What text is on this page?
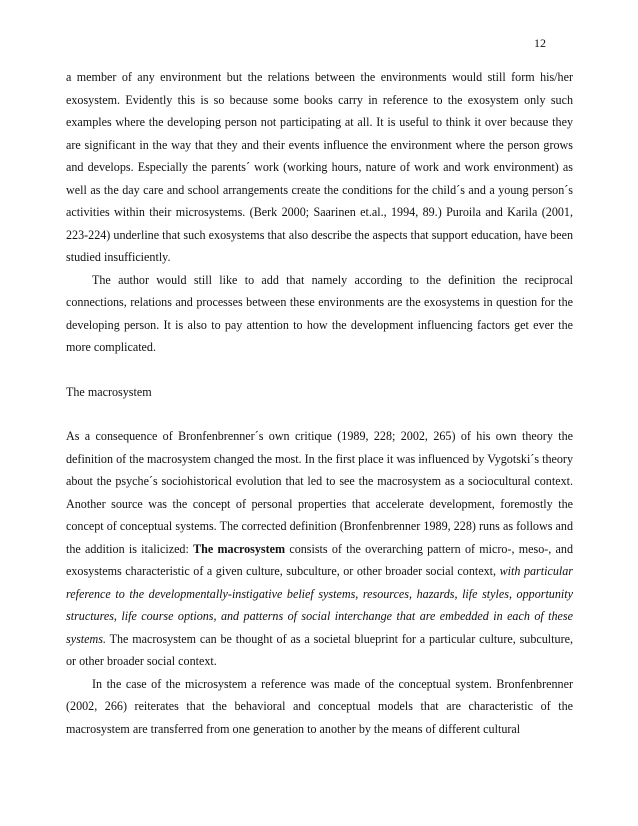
12

a member of any environment but the relations between the environments would still form his/her exosystem. Evidently this is so because some books carry in reference to the exosystem only such examples where the developing person not participating at all. It is useful to think it over because they are significant in the way that they and their events influence the environment where the person grows and develops. Especially the parents´ work (working hours, nature of work and work environment) as well as the day care and school arrangements create the conditions for the child´s and a young person´s activities within their microsystems. (Berk 2000; Saarinen et.al., 1994, 89.) Puroila and Karila (2001, 223-224) underline that such exosystems that also describe the aspects that support education, have been studied insufficiently.

The author would still like to add that namely according to the definition the reciprocal connections, relations and processes between these environments are the exosystems in question for the developing person. It is also to pay attention to how the development influencing factors get ever the more complicated.

The macrosystem

As a consequence of Bronfenbrenner´s own critique (1989, 228; 2002, 265) of his own theory the definition of the macrosystem changed the most. In the first place it was influenced by Vygotski´s theory about the psyche´s sociohistorical evolution that led to see the macrosystem as a sociocultural context. Another source was the concept of personal properties that accelerate development, foremostly the concept of conceptual systems. The corrected definition (Bronfenbrenner 1989, 228) runs as follows and the addition is italicized: The macrosystem consists of the overarching pattern of micro-, meso-, and exosystems characteristic of a given culture, subculture, or other broader social context, with particular reference to the developmentally-instigative belief systems, resources, hazards, life styles, opportunity structures, life course options, and patterns of social interchange that are embedded in each of these systems. The macrosystem can be thought of as a societal blueprint for a particular culture, subculture, or other broader social context.

In the case of the microsystem a reference was made of the conceptual system. Bronfenbrenner (2002, 266) reiterates that the behavioral and conceptual models that are characteristic of the macrosystem are transferred from one generation to another by the means of different cultural
